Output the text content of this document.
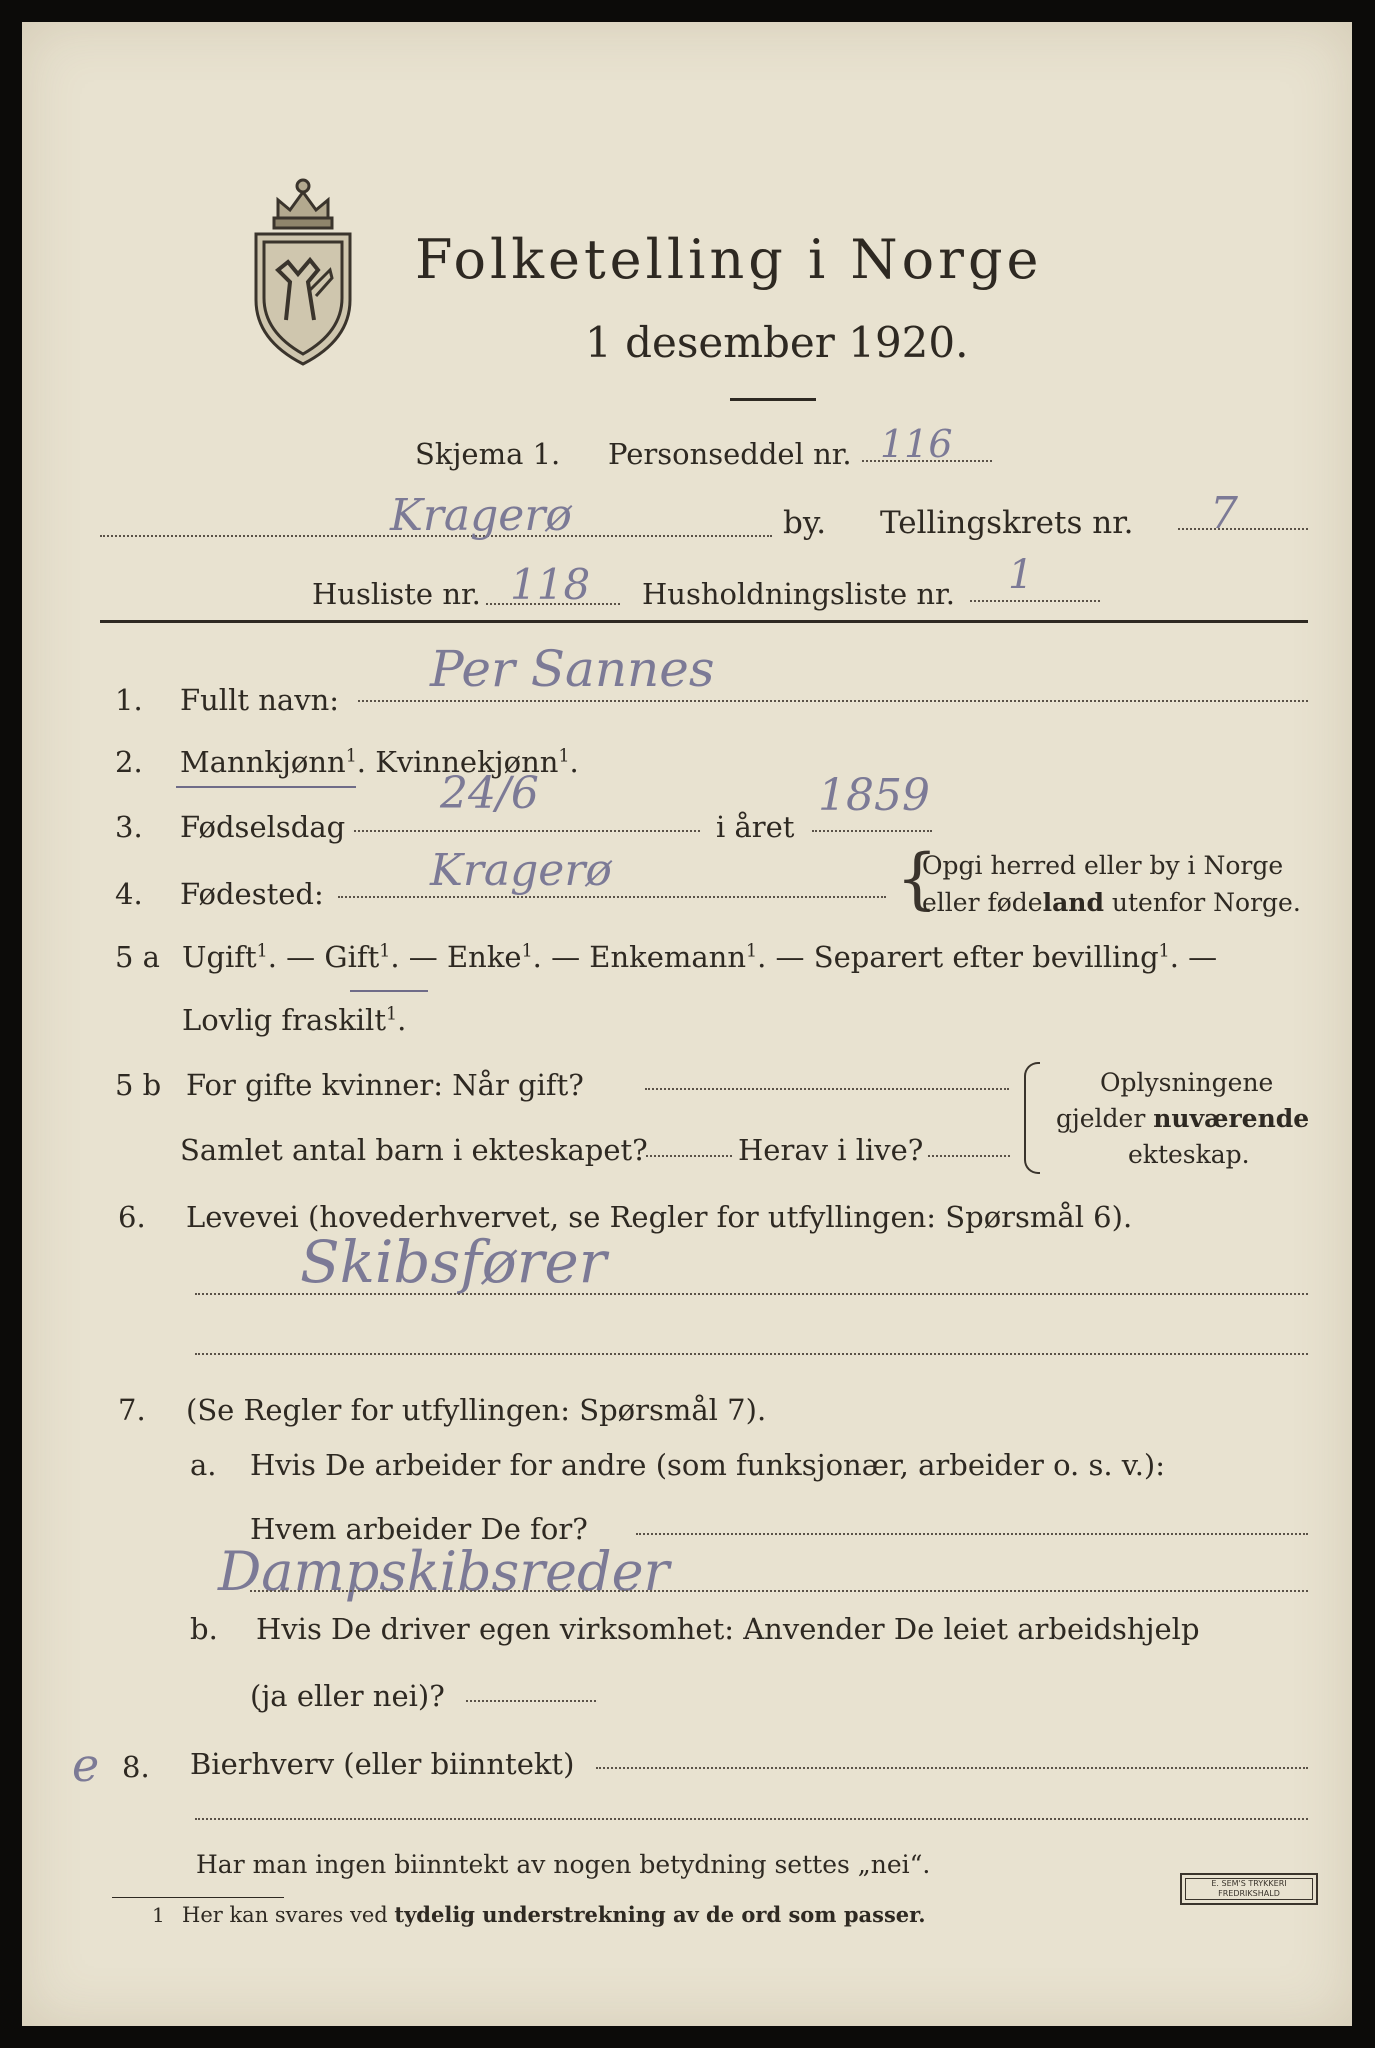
Folketelling i Norge
1 desember 1920.
Skjema 1. Personseddel nr. 116
Kragerø	by. Tellingskrets nr. 7
Husliste nr. 118 Husholdningsliste nr. 1
1. Fullt navn:
Per Sannes
2. Mannkjønn$^1$. Kvinnekjønn$^1$.
3. Fødselsdag
24/6
i året
1859
4. Fødested: Kragerø	{
Opgi herred eller by i Norge
eller fødeland utenfor Norge.
5 a Ugift$^1$. — Gift$^1$. — Enke$^1$. — Enkemann$^1$. — Separert efter bevilling$^1$. —
Lovlig fraskilt$^1$.
5 b For gifte kvinner: Når gift?
Samlet antal barn i ekteskapet?	Herav i live?
Oplysningene
gjelder nuværende
ekteskap.
6. Levevei (hovederhvervet, se Regler for utfyllingen: Spørsmål 6).
Skibsfører
7. (Se Regler for utfyllingen: Spørsmål 7).
a. Hvis De arbeider for andre (som funksjonær, arbeider o. s. v.):
Hvem arbeider De for?
Dampskibsreder
b. Hvis De driver egen virksomhet: Anvender De leiet arbeidshjelp
(ja eller nei)?
e 8. Bierhverv (eller biinntekt)
Har man ingen biinntekt av nogen betydning settes „nei“.
1 Her kan svares ved tydelig understrekning av de ord som passer.
E. SEM'S TRYKKERI
FREDRIKSHALD
